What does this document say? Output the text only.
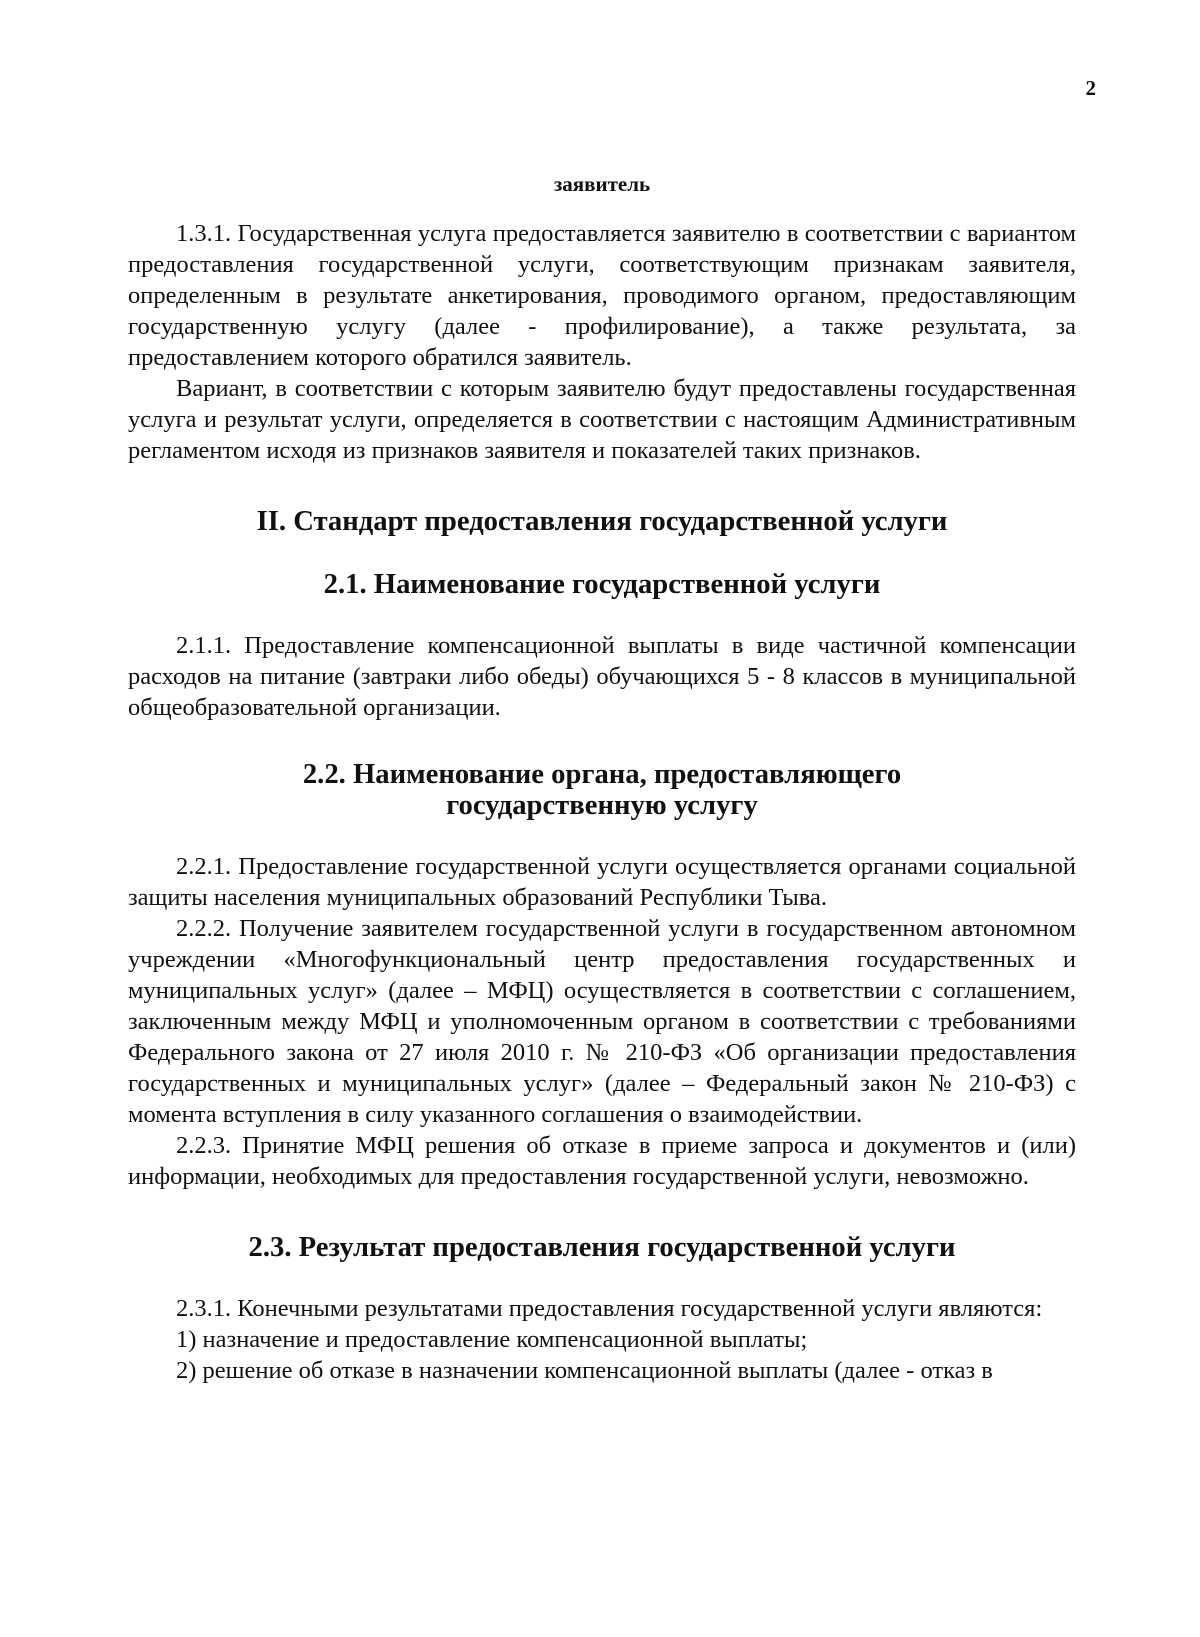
2
заявитель

1.3.1. Государственная услуга предоставляется заявителю в соответствии с вариантом предоставления государственной услуги, соответствующим признакам заявителя, определенным в результате анкетирования, проводимого органом, предоставляющим государственную услугу (далее - профилирование), а также результата, за предоставлением которого обратился заявитель.

Вариант, в соответствии с которым заявителю будут предоставлены государственная услуга и результат услуги, определяется в соответствии с настоящим Административным регламентом исходя из признаков заявителя и показателей таких признаков.

II. Стандарт предоставления государственной услуги
2.1. Наименование государственной услуги

2.1.1. Предоставление компенсационной выплаты в виде частичной компенсации расходов на питание (завтраки либо обеды) обучающихся 5 - 8 классов в муниципальной общеобразовательной организации.

2.2. Наименование органа, предоставляющего
государственную услугу

2.2.1. Предоставление государственной услуги осуществляется органами социальной защиты населения муниципальных образований Республики Тыва.

2.2.2. Получение заявителем государственной услуги в государственном автономном учреждении «Многофункциональный центр предоставления государственных и муниципальных услуг» (далее – МФЦ) осуществляется в соответствии с соглашением, заключенным между МФЦ и уполномоченным органом в соответствии с требованиями Федерального закона от 27 июля 2010 г. № 210-ФЗ «Об организации предоставления государственных и муниципальных услуг» (далее – Федеральный закон № 210-ФЗ) с момента вступления в силу указанного соглашения о взаимодействии.

2.2.3. Принятие МФЦ решения об отказе в приеме запроса и документов и (или) информации, необходимых для предоставления государственной услуги, невозможно.

2.3. Результат предоставления государственной услуги

2.3.1. Конечными результатами предоставления государственной услуги являются:

1) назначение и предоставление компенсационной выплаты;

2) решение об отказе в назначении компенсационной выплаты (далее - отказ в
